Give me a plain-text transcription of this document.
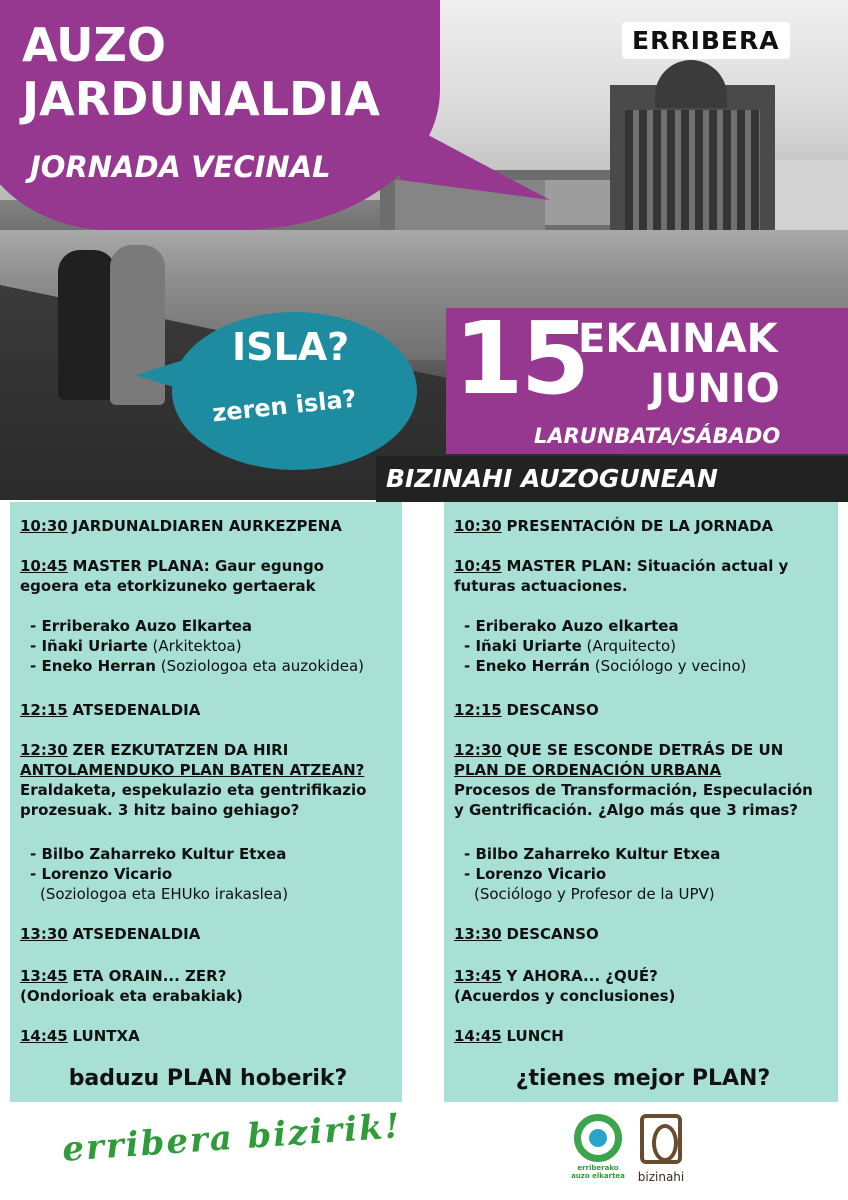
AUZO
JARDUNALDIA
JORNADA VECINAL
ERRIBERA
ISLA?
zeren isla? 15
EKAINAK
JUNIO
LARUNBATA/SÁBADO
BIZINAHI AUZOGUNEAN
10:30 JARDUNALDIAREN AURKEZPENA
10:45 MASTER PLANA: Gaur egungo
egoera eta etorkizuneko gertaerak
- Erriberako Auzo Elkartea
- Iñaki Uriarte (Arkitektoa)
- Eneko Herran (Soziologoa eta auzokidea)
12:15 ATSEDENALDIA
12:30 ZER EZKUTATZEN DA HIRI
ANTOLAMENDUKO PLAN BATEN ATZEAN?
Eraldaketa, espekulazio eta gentrifikazio
prozesuak. 3 hitz baino gehiago?
- Bilbo Zaharreko Kultur Etxea
- Lorenzo Vicario
(Soziologoa eta EHUko irakaslea)
13:30 ATSEDENALDIA
13:45 ETA ORAIN... ZER?
(Ondorioak eta erabakiak)
14:45 LUNTXA
baduzu PLAN hoberik?
10:30 PRESENTACIÓN DE LA JORNADA
10:45 MASTER PLAN: Situación actual y
futuras actuaciones.
- Eriberako Auzo elkartea
- Iñaki Uriarte (Arquitecto)
- Eneko Herrán (Sociólogo y vecino)
12:15 DESCANSO
12:30 QUE SE ESCONDE DETRÁS DE UN
PLAN DE ORDENACIÓN URBANA
Procesos de Transformación, Especulación
y Gentrificación. ¿Algo más que 3 rimas?
- Bilbo Zaharreko Kultur Etxea
- Lorenzo Vicario
(Sociólogo y Profesor de la UPV)
13:30 DESCANSO
13:45 Y AHORA... ¿QUÉ?
(Acuerdos y conclusiones)
14:45 LUNCH
¿tienes mejor PLAN?
erribera bizirik!	erriberako auzo elkartea bizinahi
